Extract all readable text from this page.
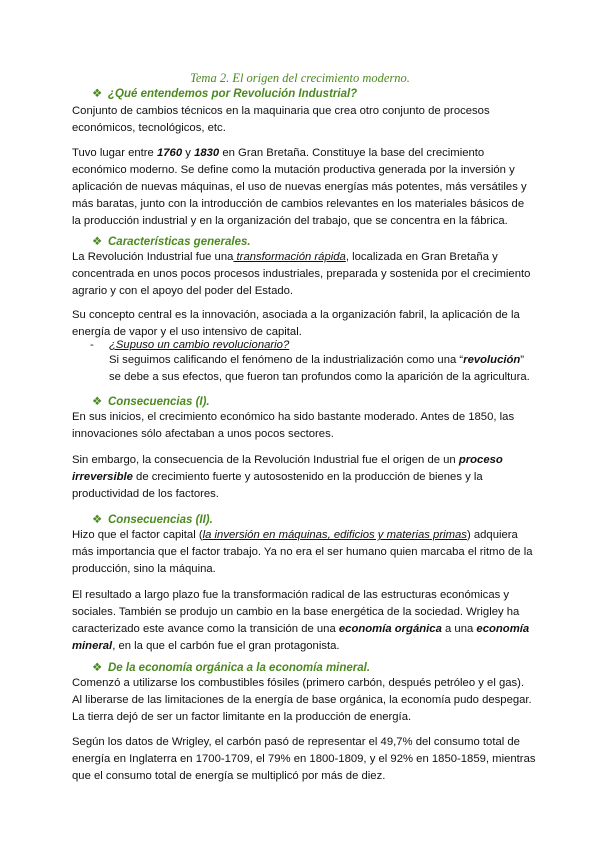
Tema 2. El origen del crecimiento moderno.
❖ ¿Qué entendemos por Revolución Industrial?
Conjunto de cambios técnicos en la maquinaria que crea otro conjunto de procesos
económicos, tecnológicos, etc.
Tuvo lugar entre 1760 y 1830 en Gran Bretaña. Constituye la base del crecimiento
económico moderno. Se define como la mutación productiva generada por la inversión y
aplicación de nuevas máquinas, el uso de nuevas energías más potentes, más versátiles y
más baratas, junto con la introducción de cambios relevantes en los materiales básicos de
la producción industrial y en la organización del trabajo, que se concentra en la fábrica.
❖ Características generales.
La Revolución Industrial fue una transformación rápida, localizada en Gran Bretaña y
concentrada en unos pocos procesos industriales, preparada y sostenida por el crecimiento
agrario y con el apoyo del poder del Estado.
Su concepto central es la innovación, asociada a la organización fabril, la aplicación de la
energía de vapor y el uso intensivo de capital.
- ¿Supuso un cambio revolucionario?
Si seguimos calificando el fenómeno de la industrialización como una “revolución”
se debe a sus efectos, que fueron tan profundos como la aparición de la agricultura.
❖ Consecuencias (I).
En sus inicios, el crecimiento económico ha sido bastante moderado. Antes de 1850, las
innovaciones sólo afectaban a unos pocos sectores.
Sin embargo, la consecuencia de la Revolución Industrial fue el origen de un proceso
irreversible de crecimiento fuerte y autosostenido en la producción de bienes y la
productividad de los factores.
❖ Consecuencias (II).
Hizo que el factor capital (la inversión en máquinas, edificios y materias primas) adquiera
más importancia que el factor trabajo. Ya no era el ser humano quien marcaba el ritmo de la
producción, sino la máquina.
El resultado a largo plazo fue la transformación radical de las estructuras económicas y
sociales. También se produjo un cambio en la base energética de la sociedad. Wrigley ha
caracterizado este avance como la transición de una economía orgánica a una economía
mineral, en la que el carbón fue el gran protagonista.
❖ De la economía orgánica a la economía mineral.
Comenzó a utilizarse los combustibles fósiles (primero carbón, después petróleo y el gas).
Al liberarse de las limitaciones de la energía de base orgánica, la economía pudo despegar.
La tierra dejó de ser un factor limitante en la producción de energía.
Según los datos de Wrigley, el carbón pasó de representar el 49,7% del consumo total de
energía en Inglaterra en 1700-1709, el 79% en 1800-1809, y el 92% en 1850-1859, mientras
que el consumo total de energía se multiplicó por más de diez.
